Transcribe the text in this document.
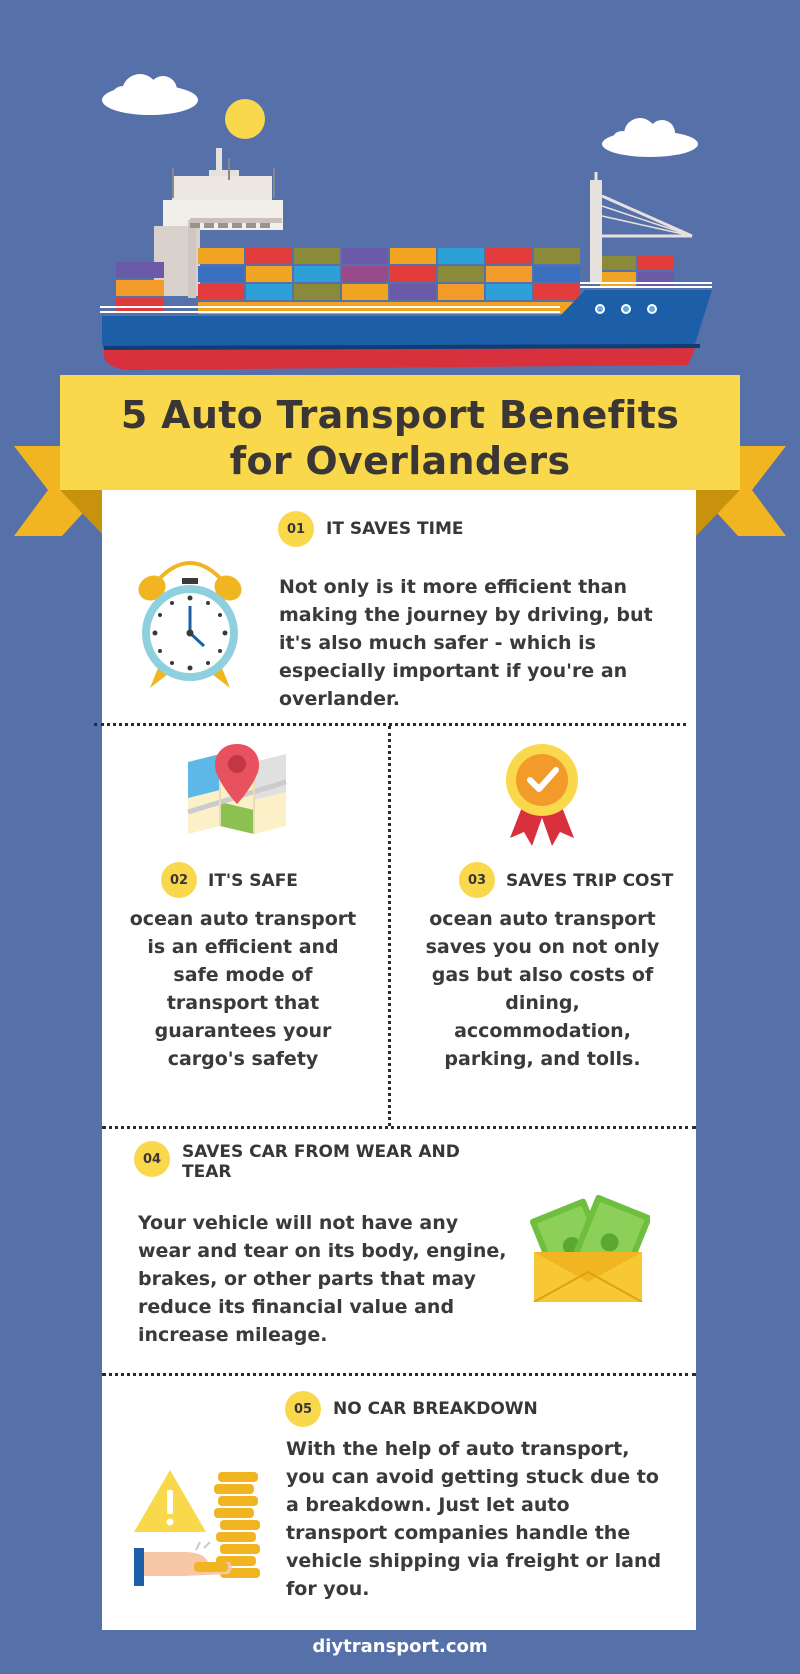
5 Auto Transport Benefits
for Overlanders
01	IT SAVES TIME
Not only is it more efficient than making the journey by driving, but it's also much safer - which is especially important if you're an overlander.
02	IT'S SAFE
ocean auto transport is an efficient and safe mode of transport that guarantees your cargo's safety
03	SAVES TRIP COST
ocean auto transport saves you on not only gas but also costs of dining, accommodation, parking, and tolls.
04	SAVES CAR FROM WEAR AND TEAR
Your vehicle will not have any wear and tear on its body, engine, brakes, or other parts that may reduce its financial value and increase mileage.
05	NO CAR BREAKDOWN
With the help of auto transport, you can avoid getting stuck due to a breakdown. Just let auto transport companies handle the vehicle shipping via freight or land for you.
diytransport.com
